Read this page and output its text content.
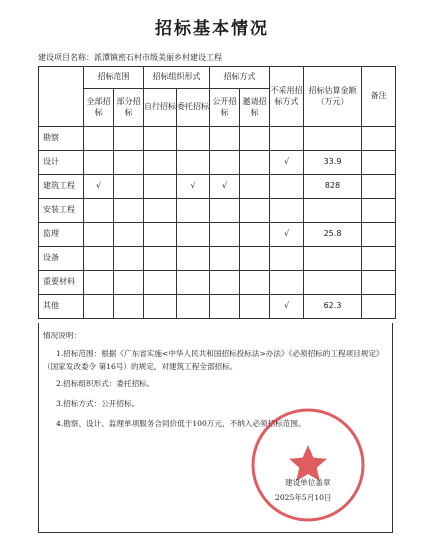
招标基本情况
建设项目名称：派潭镇密石村市级美丽乡村建设工程
	招标范围		招标组织形式		招标方式		不采用招标方式	招标估算金额（万元）	备注
	全部招标	部分招标	自行招标	委托招标	公开招标	邀请招标			
勘察									
设计							√	33.9	
建筑工程	√			√	√			828	
安装工程									
监理							√	25.8	
设备									
重要材料									
其他							√	62.3	
情况说明：
1.招标范围：根据《广东省实施<中华人民共和国招标投标法>办法》《必须招标的工程项目规定》（国家发改委令 第16号）的规定，对建筑工程全部招标。
2.招标组织形式：委托招标。
3.招标方式：公开招标。
4.勘察、设计、监理单项服务合同价低于100万元，不纳入必须招标范围。
建设单位盖章
2025年5月10日
